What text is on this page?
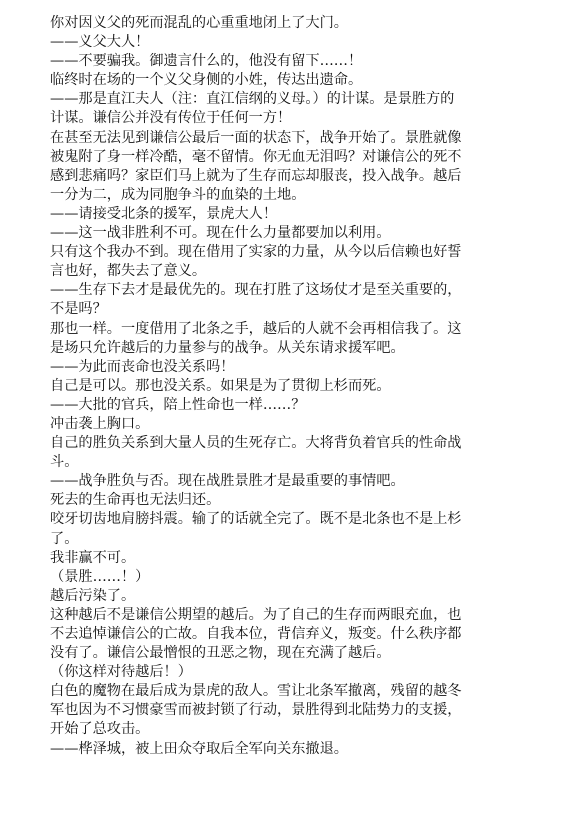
你对因义父的死而混乱的心重重地闭上了大门。
——义父大人！
——不要骗我。御遗言什么的，他没有留下……！
临终时在场的一个义父身侧的小姓，传达出遗命。
——那是直江夫人（注：直江信纲的义母。）的计谋。是景胜方的
计谋。谦信公并没有传位于任何一方！
在甚至无法见到谦信公最后一面的状态下，战争开始了。景胜就像
被鬼附了身一样冷酷，毫不留情。你无血无泪吗？对谦信公的死不
感到悲痛吗？家臣们马上就为了生存而忘却服丧，投入战争。越后
一分为二，成为同胞争斗的血染的土地。
——请接受北条的援军，景虎大人！
——这一战非胜利不可。现在什么力量都要加以利用。
只有这个我办不到。现在借用了实家的力量，从今以后信赖也好誓
言也好，都失去了意义。
——生存下去才是最优先的。现在打胜了这场仗才是至关重要的，
不是吗？
那也一样。一度借用了北条之手，越后的人就不会再相信我了。这
是场只允许越后的力量参与的战争。从关东请求援军吧。
——为此而丧命也没关系吗！
自己是可以。那也没关系。如果是为了贯彻上杉而死。
——大批的官兵，陪上性命也一样……？
冲击袭上胸口。
自己的胜负关系到大量人员的生死存亡。大将背负着官兵的性命战
斗。
——战争胜负与否。现在战胜景胜才是最重要的事情吧。
死去的生命再也无法归还。
咬牙切齿地肩膀抖震。输了的话就全完了。既不是北条也不是上杉
了。
我非赢不可。
（景胜……！）
越后污染了。
这种越后不是谦信公期望的越后。为了自己的生存而两眼充血，也
不去追悼谦信公的亡故。自我本位，背信弃义，叛变。什么秩序都
没有了。谦信公最憎恨的丑恶之物，现在充满了越后。
（你这样对待越后！）
白色的魔物在最后成为景虎的敌人。雪让北条军撤离，残留的越冬
军也因为不习惯豪雪而被封锁了行动，景胜得到北陆势力的支援，
开始了总攻击。
——桦泽城，被上田众夺取后全军向关东撤退。
